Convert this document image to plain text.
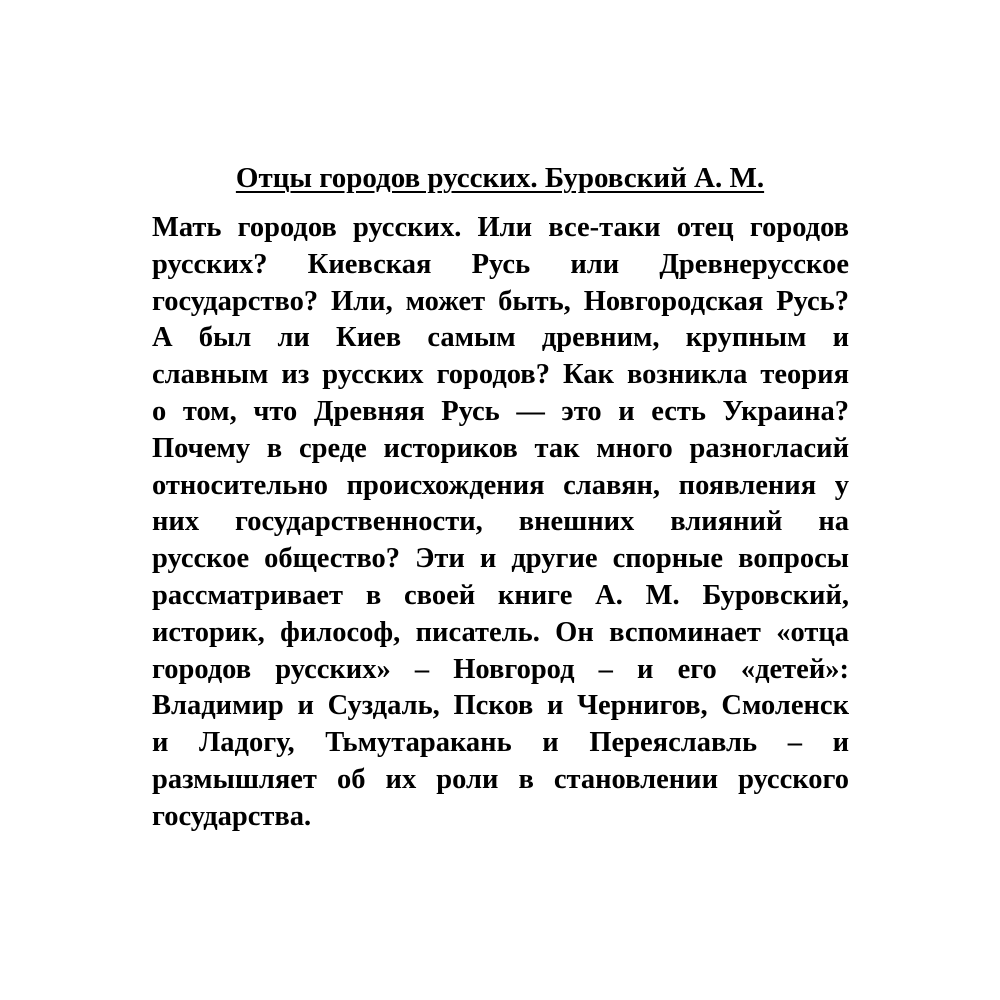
Отцы городов русских. Буровский А. М.
Мать городов русских. Или все-таки отец городов
русских? Киевская Русь или Древнерусское
государство? Или, может быть, Новгородская Русь?
А был ли Киев самым древним, крупным и
славным из русских городов? Как возникла теория
о том, что Древняя Русь — это и есть Украина?
Почему в среде историков так много разногласий
относительно происхождения славян, появления у
них государственности, внешних влияний на
русское общество? Эти и другие спорные вопросы
рассматривает в своей книге А. М. Буровский,
историк, философ, писатель. Он вспоминает «отца
городов русских» – Новгород – и его «детей»:
Владимир и Суздаль, Псков и Чернигов, Смоленск
и Ладогу, Тьмутаракань и Переяславль – и
размышляет об их роли в становлении русского
государства.
